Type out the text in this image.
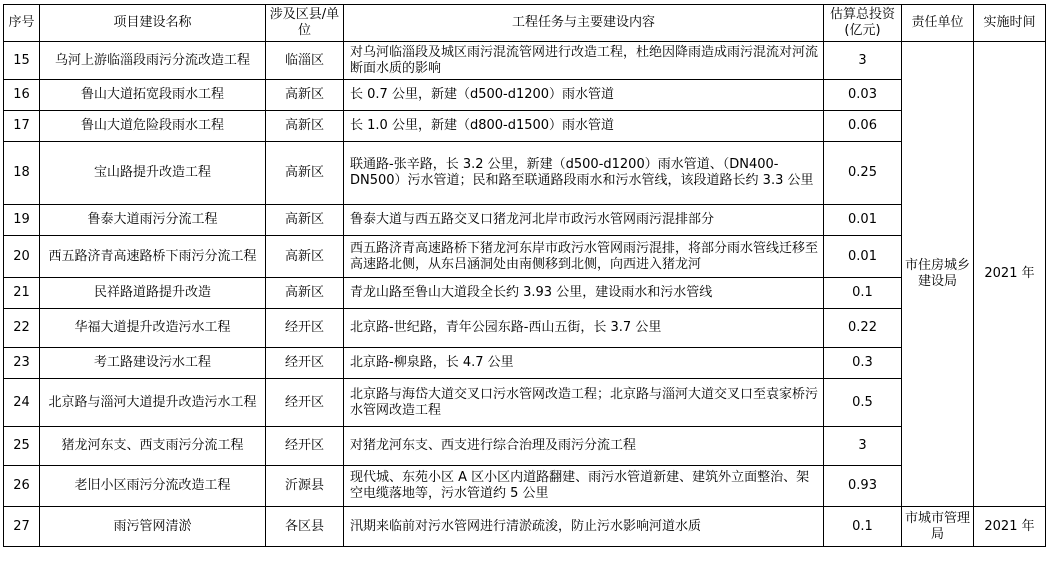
序号	项目建设名称	涉及区县/单位	工程任务与主要建设内容	估算总投资(亿元)	责任单位	实施时间
15	乌河上游临淄段雨污分流改造工程	临淄区	对乌河临淄段及城区雨污混流管网进行改造工程，杜绝因降雨造成雨污混流对河流断面水质的影响	3	市住房城乡建设局	2021 年
16	鲁山大道拓宽段雨水工程	高新区	长 0.7 公里，新建（d500-d1200）雨水管道	0.03		
17	鲁山大道危险段雨水工程	高新区	长 1.0 公里，新建（d800-d1500）雨水管道	0.06		
18	宝山路提升改造工程	高新区	联通路-张辛路，长 3.2 公里，新建（d500-d1200）雨水管道、（DN400-DN500）污水管道；民和路至联通路段雨水和污水管线，该段道路长约 3.3 公里	0.25		
19	鲁泰大道雨污分流工程	高新区	鲁泰大道与西五路交叉口猪龙河北岸市政污水管网雨污混排部分	0.01		
20	西五路济青高速路桥下雨污分流工程	高新区	西五路济青高速路桥下猪龙河东岸市政污水管网雨污混排，将部分雨水管线迁移至高速路北侧，从东吕涵洞处由南侧移到北侧，向西进入猪龙河	0.01		
21	民祥路道路提升改造	高新区	青龙山路至鲁山大道段全长约 3.93 公里，建设雨水和污水管线	0.1		
22	华福大道提升改造污水工程	经开区	北京路-世纪路，青年公园东路-西山五街，长 3.7 公里	0.22		
23	考工路建设污水工程	经开区	北京路-柳泉路，长 4.7 公里	0.3		
24	北京路与淄河大道提升改造污水工程	经开区	北京路与海岱大道交叉口污水管网改造工程；北京路与淄河大道交叉口至袁家桥污水管网改造工程	0.5		
25	猪龙河东支、西支雨污分流工程	经开区	对猪龙河东支、西支进行综合治理及雨污分流工程	3		
26	老旧小区雨污分流改造工程	沂源县	现代城、东苑小区 A 区小区内道路翻建、雨污水管道新建、建筑外立面整治、架空电缆落地等，污水管道约 5 公里	0.93		
27	雨污管网清淤	各区县	汛期来临前对污水管网进行清淤疏浚，防止污水影响河道水质	0.1	市城市管理局	2021 年
